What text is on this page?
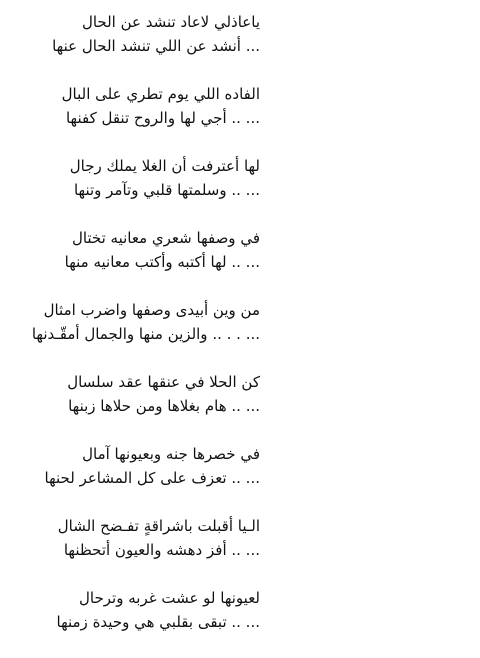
ياعاذلي لاعاد تنشد عن الحال
... أنشد عن اللي تنشد الحال عنها
الفاده اللي يوم تطري على البال
... .. أجي لها والروح تنقل كفنها
لها أعترفت أن الغلا يملك رجال
... .. وسلمتها قلبي وتآمر وتنها
في وصفها شعري معانيه تختال
... .. لها أكتبه وأكتب معانيه منها
من وين أبيدى وصفها واضرب امثال
... . . .. والزين منها والجمال أمقّـدنها
كن الحلا في عنقها عقد سلسال
... .. هام بغلاها ومن حلاها زبنها
في خصرها جنه وبعيونها آمال
... .. تعزف على كل المشاعر لحنها
الـيا أقبلت باشراقةٍ تفـضح الشال
... .. أفز دهشه والعيون أتحظنها
لعيونها لو عشت غربه وترحال
... .. تبقى بقلبي هي وحيدة زمنها
